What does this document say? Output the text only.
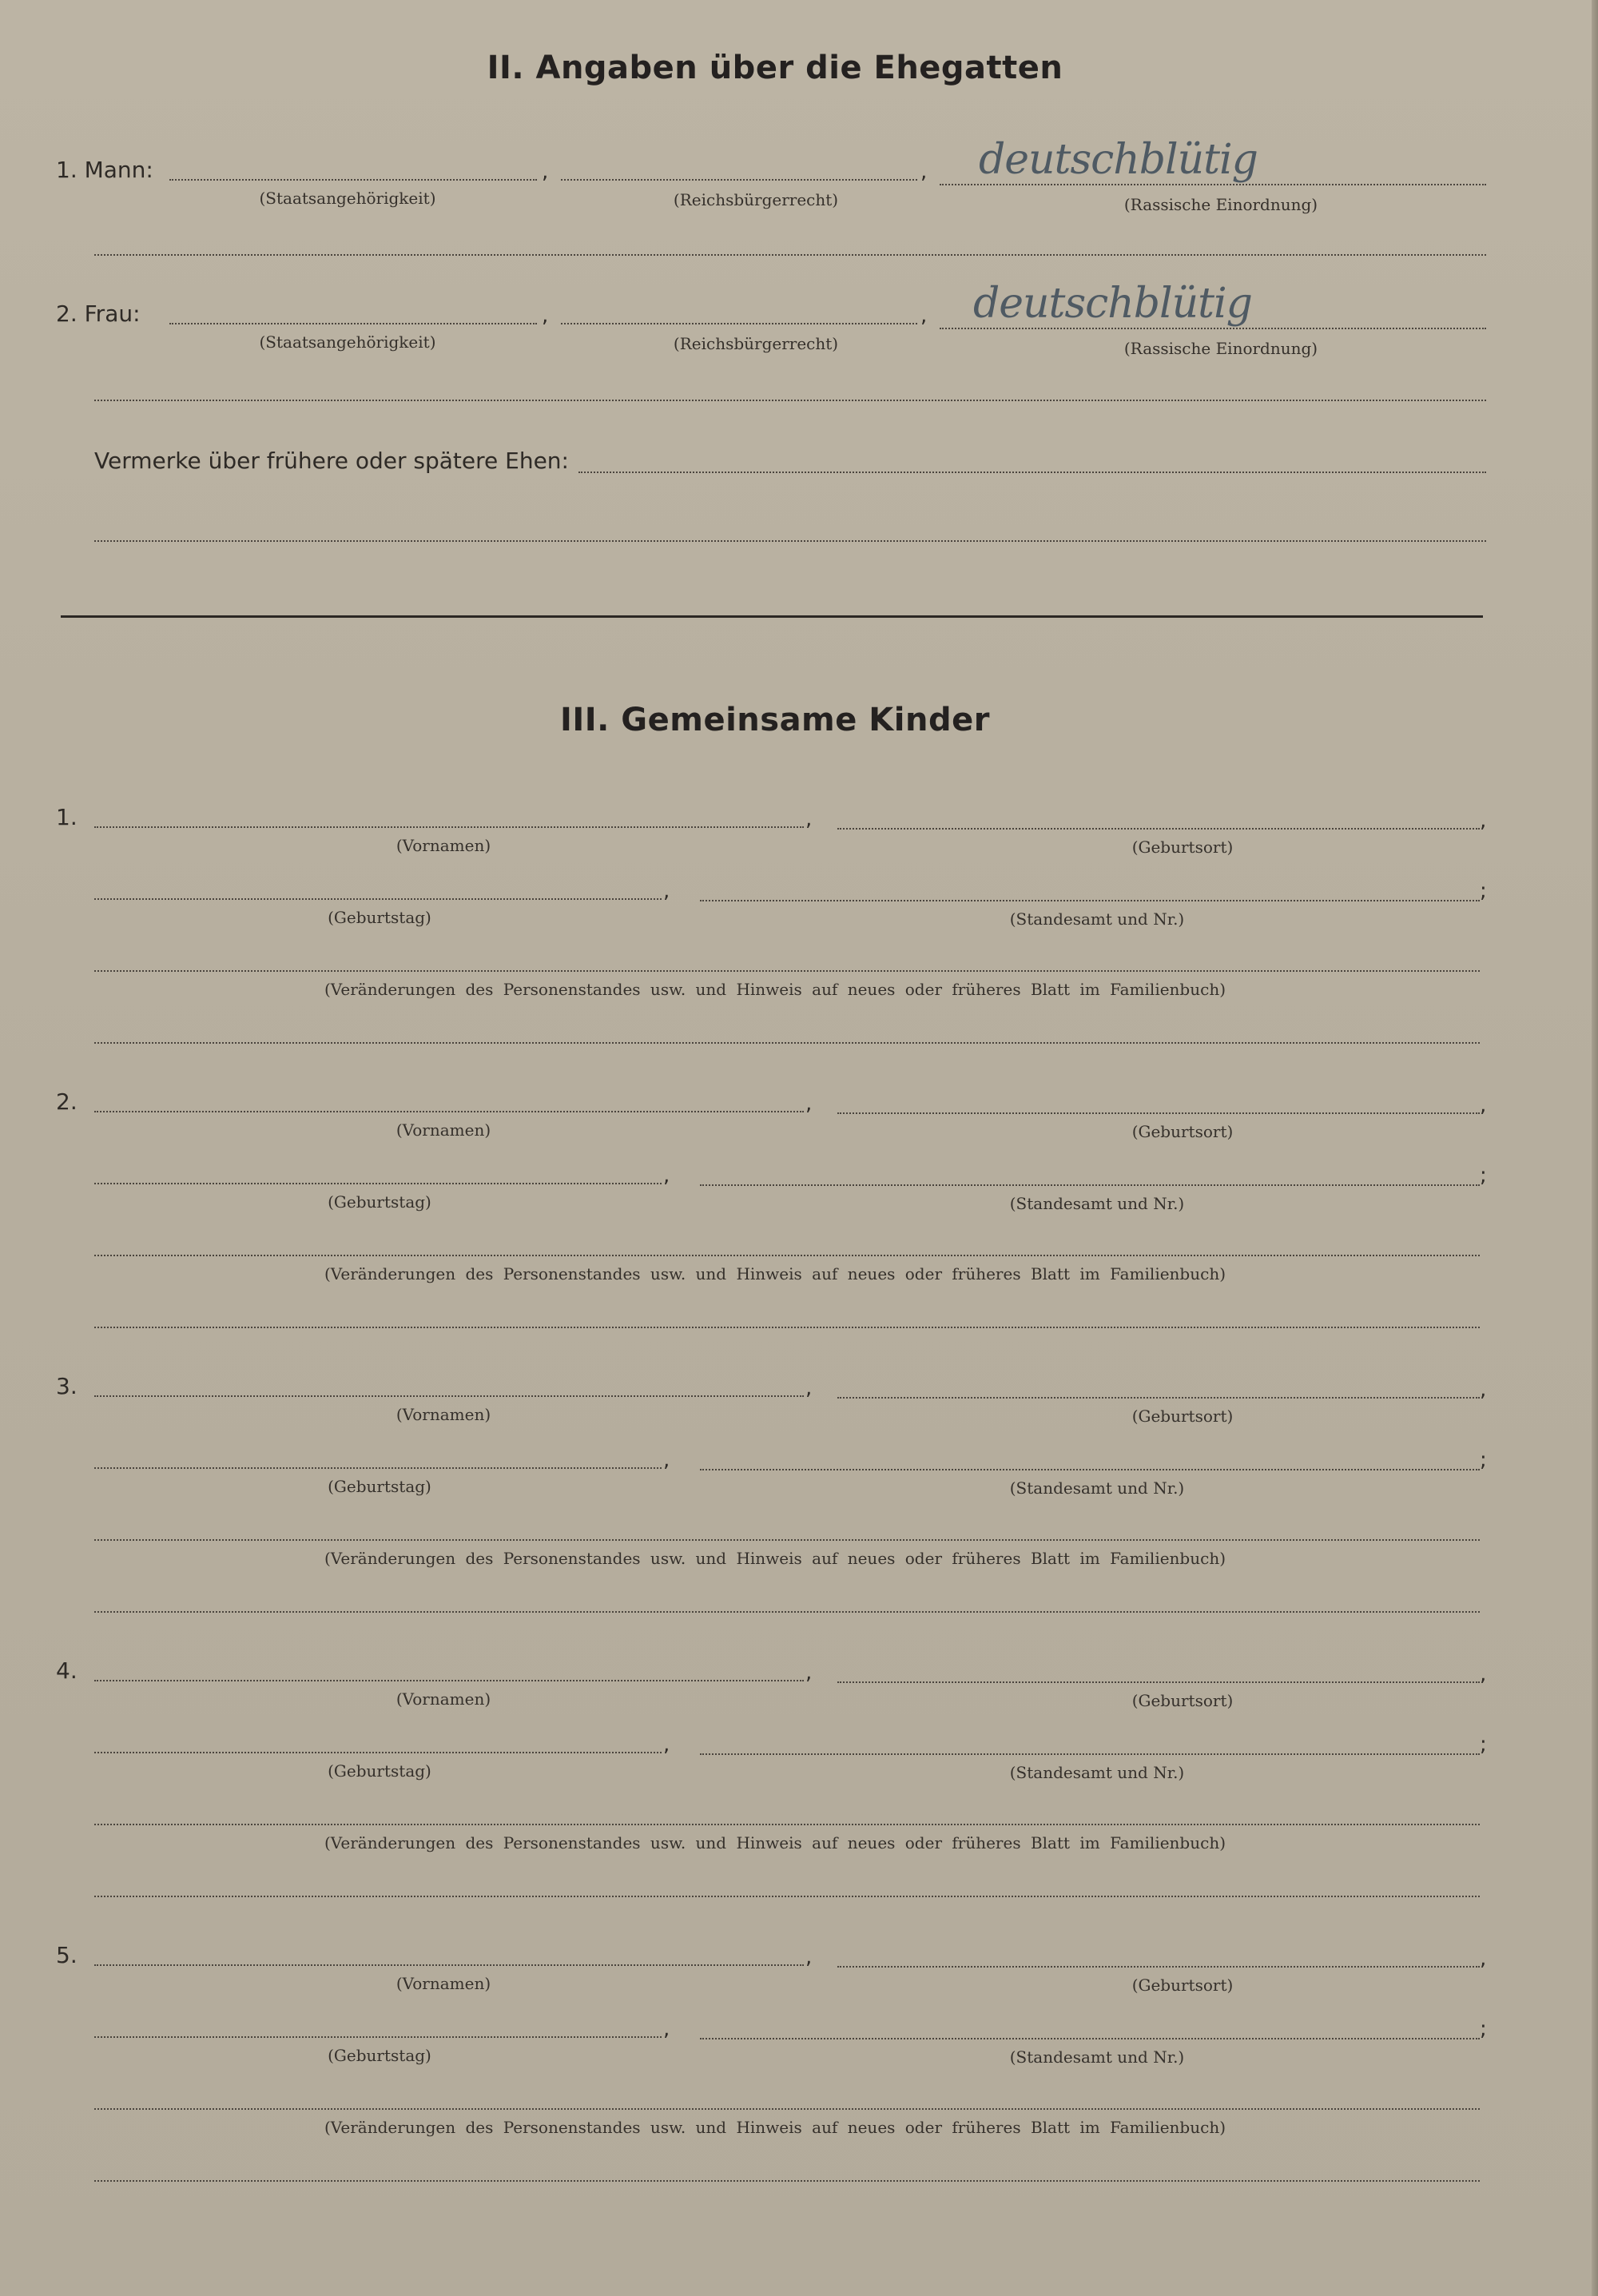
II. Angaben über die Ehegatten
1. Mann:	,	, deutschblütig
(Staatsangehörigkeit)	(Reichsbürgerrecht)	(Rassische Einordnung)
2. Frau:	,	, deutschblütig
(Staatsangehörigkeit)	(Reichsbürgerrecht)	(Rassische Einordnung)
Vermerke über frühere oder spätere Ehen:
III. Gemeinsame Kinder
1.	,	,
(Vornamen)	(Geburtsort)
,	;
(Geburtstag)	(Standesamt und Nr.)
(Veränderungen des Personenstandes usw. und Hinweis auf neues oder früheres Blatt im Familienbuch)
2.	,	,
(Vornamen)	(Geburtsort)
,	;
(Geburtstag)	(Standesamt und Nr.)
(Veränderungen des Personenstandes usw. und Hinweis auf neues oder früheres Blatt im Familienbuch)
3.	,	,
(Vornamen)	(Geburtsort)
,	;
(Geburtstag)	(Standesamt und Nr.)
(Veränderungen des Personenstandes usw. und Hinweis auf neues oder früheres Blatt im Familienbuch)
4.	,	,
(Vornamen)	(Geburtsort)
,	;
(Geburtstag)	(Standesamt und Nr.)
(Veränderungen des Personenstandes usw. und Hinweis auf neues oder früheres Blatt im Familienbuch)
5.	,	,
(Vornamen)	(Geburtsort)
,	;
(Geburtstag)	(Standesamt und Nr.)
(Veränderungen des Personenstandes usw. und Hinweis auf neues oder früheres Blatt im Familienbuch)
